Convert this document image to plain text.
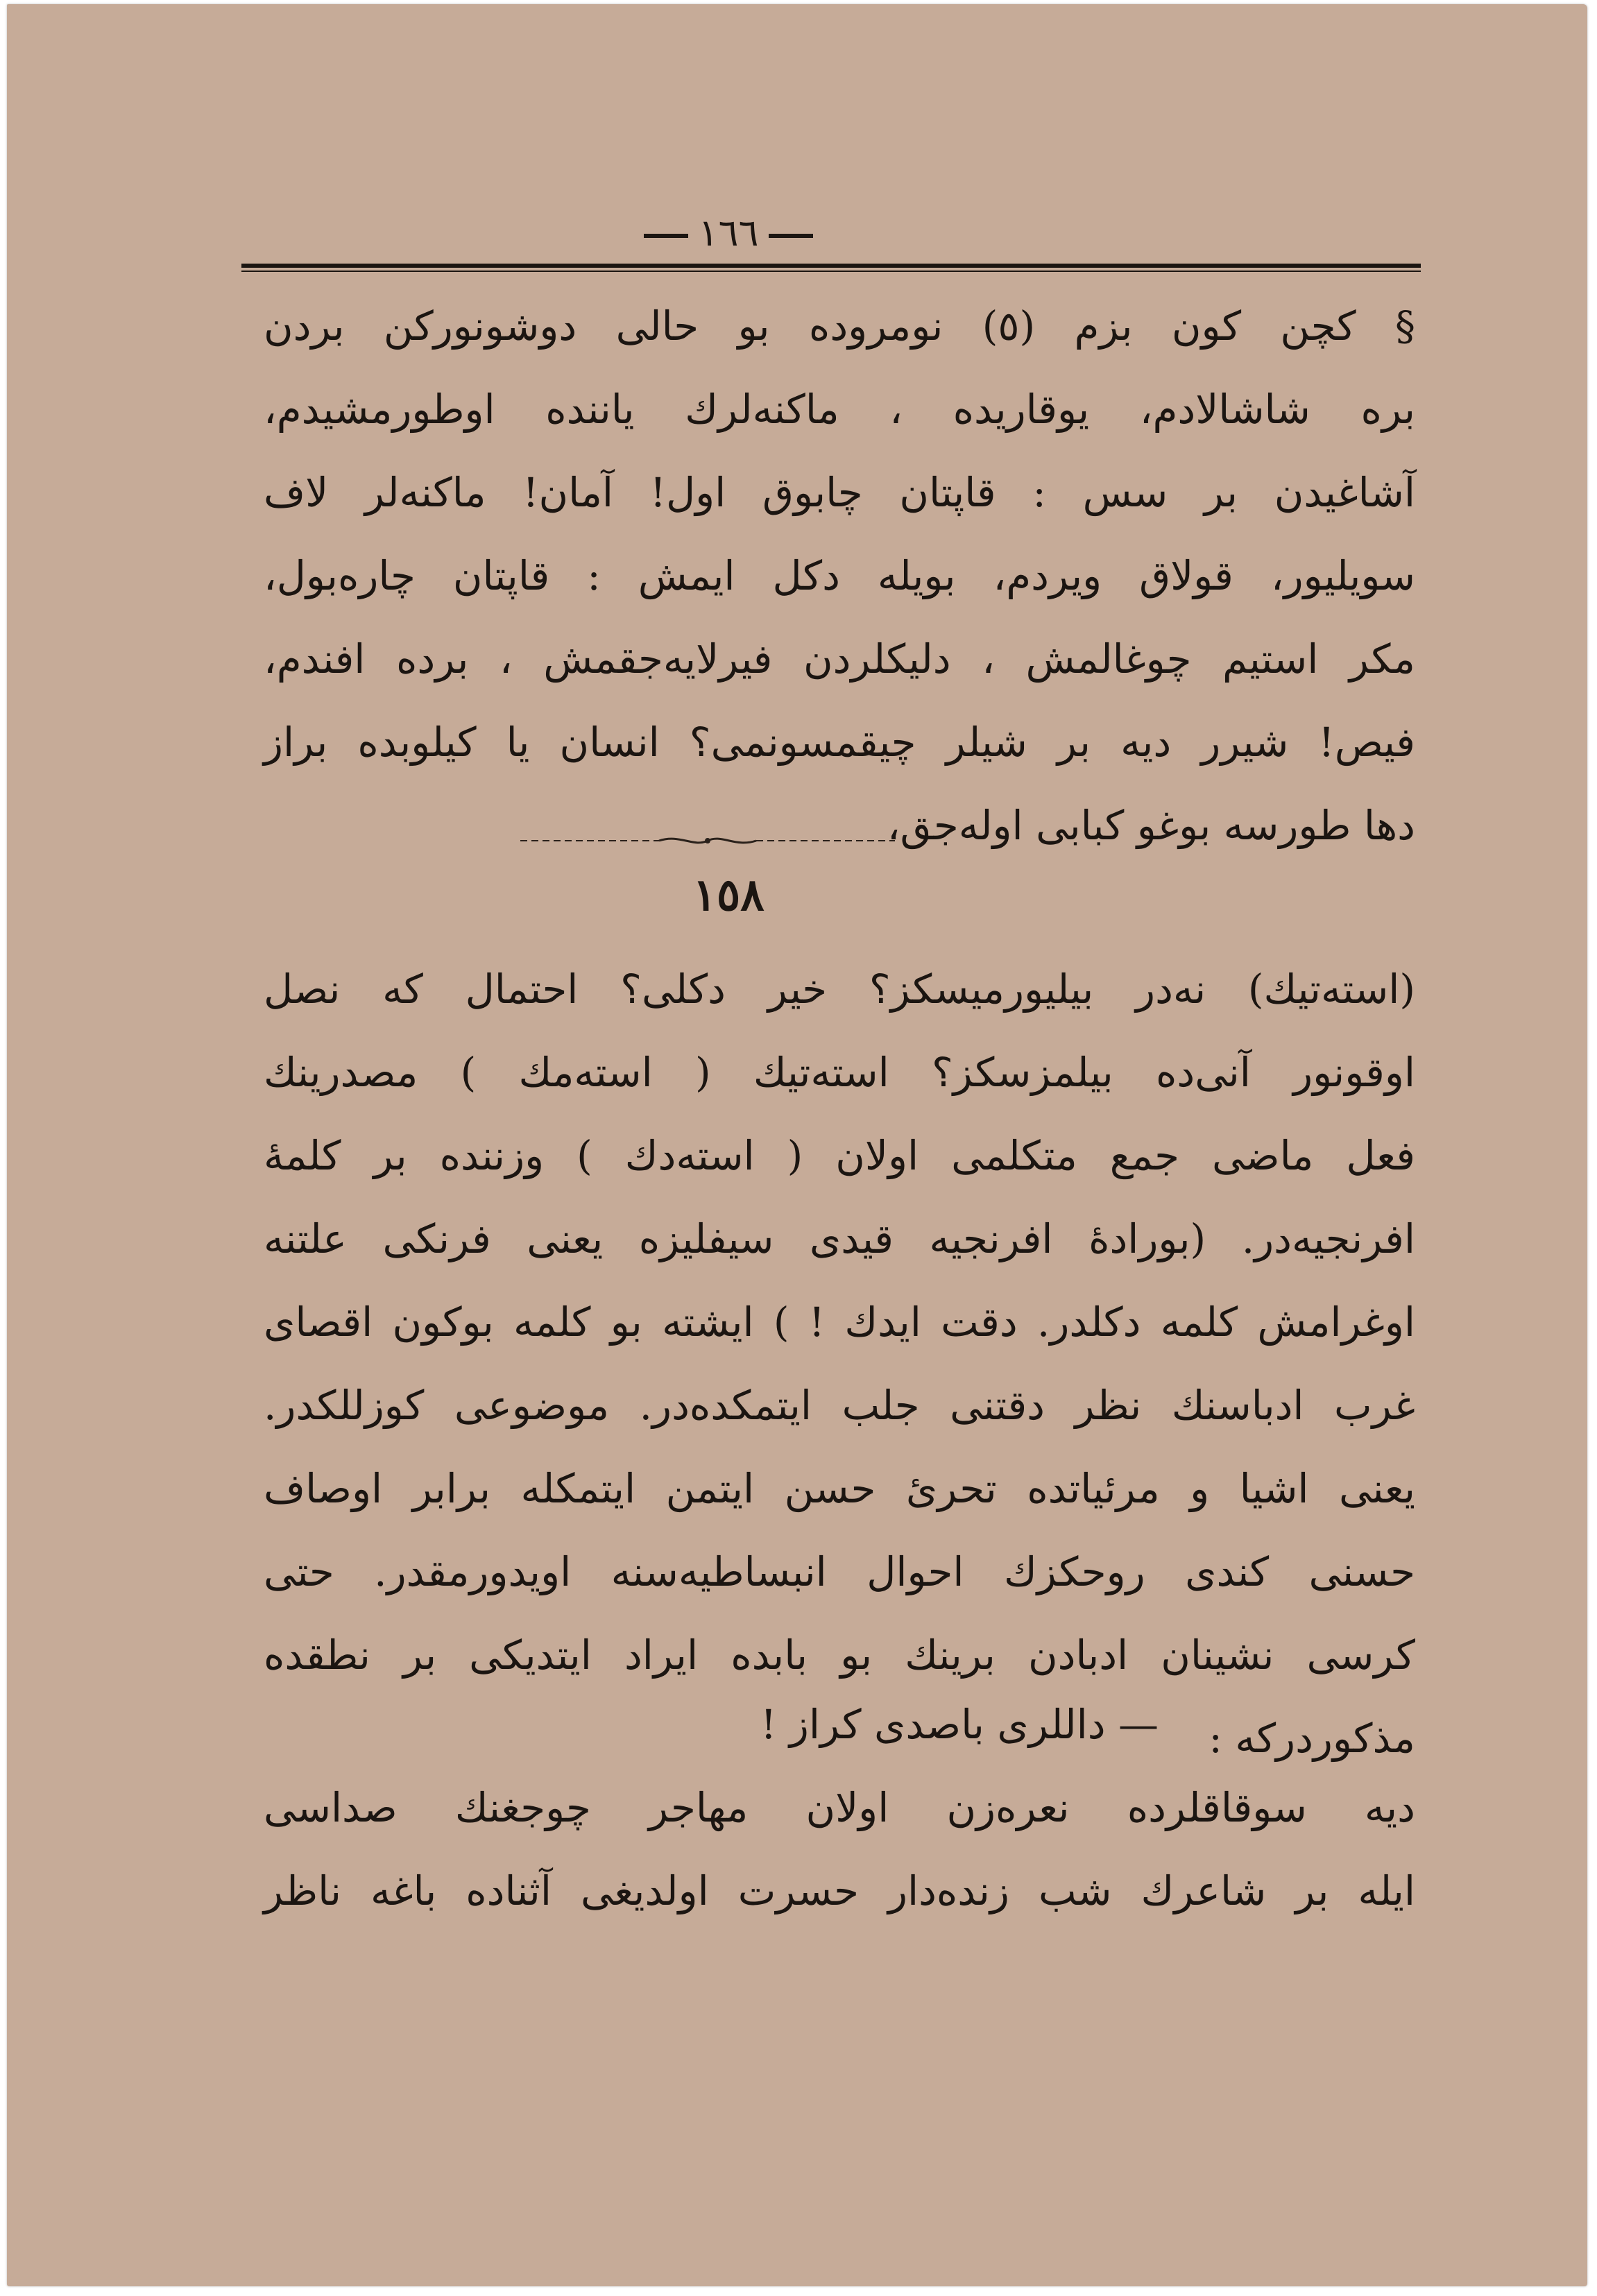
١٦٦
§ كچن كون بزم (٥) نومروده بو حالى دوشونوركن بردن
بره شاشالادم، يوقاريده ، ماكنه‌لرك ياننده اوطورمشيدم،
آشاغيدن بر سس : قاپتان چابوق اول! آمان! ماكنه‌لر لاف
سويليور، قولاق ويردم، بويله دكل ايمش : قاپتان چاره‌بول،
مكر استيم چوغالمش ، دليكلردن فيرلايه‌جقمش ، برده افندم،
فيص! شيرر ديه بر شيلر چيقمسونمى؟ انسان يا كيلوبده براز
دها طورسه بوغو كبابى اوله‌جق،
١٥٨
(استه‌تيك) نه‌در بيليورميسكز؟ خير دكلى؟ احتمال كه نصل
اوقونور آنى‌ده بيلمزسكز؟ استه‌تيك ( استه‌مك ) مصدرينك
فعل ماضى جمع متكلمى اولان ( استه‌دك ) وزننده بر كلمهٔ
افرنجيه‌در. (بورادهٔ افرنجيه قيدى سيفليزه يعنى فرنكى علتنه
اوغرامش كلمه دكلدر. دقت ايدك ! ) ايشته بو كلمه بوكون اقصاى
غرب ادباسنك نظر دقتنى جلب ايتمكده‌در. موضوعى كوزللكدر.
يعنى اشيا و مرئياتده تحرئ حسن ايتمن ايتمكله برابر اوصاف
حسنى كندى روحكزك احوال انبساطيه‌سنه اويدورمقدر. حتى
كرسى نشينان ادبادن برينك بو بابده ايراد ايتديكى بر نطقده
مذكوردركه :
— داللرى باصدى كراز !
ديه سوقاقلرده نعره‌زن اولان مهاجر چوجغنك صداسى
ايله بر شاعرك شب زنده‌دار حسرت اولديغى آثنادە باغه ناظر
